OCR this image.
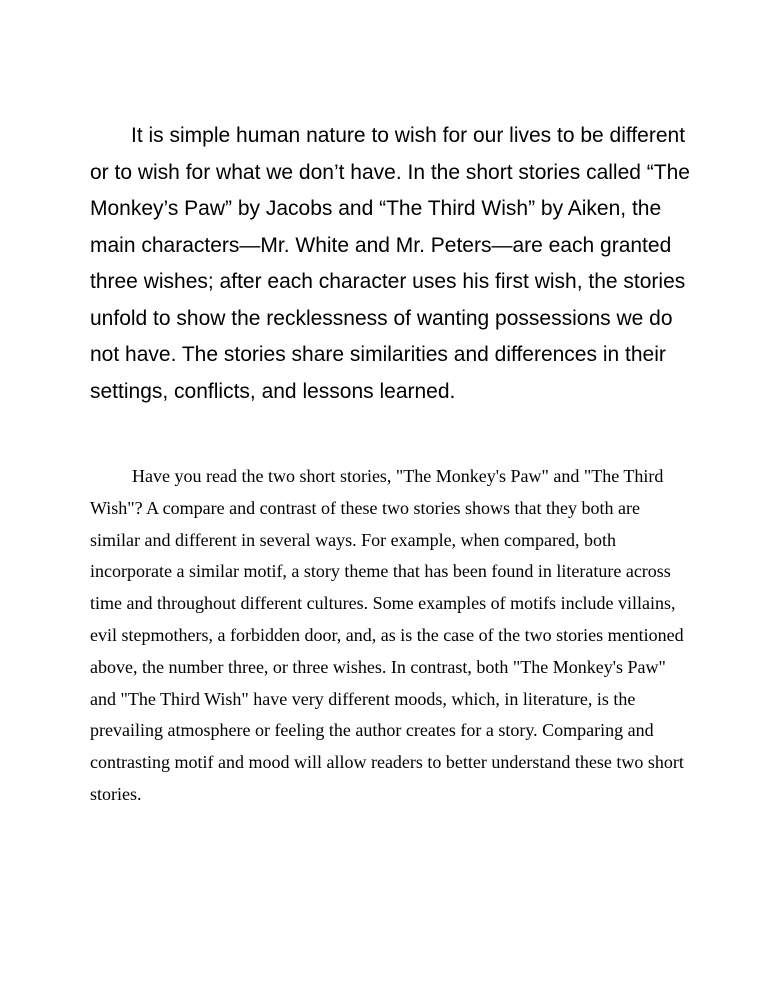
It is simple human nature to wish for our lives to be different or to wish for what we don’t have. In the short stories called “The Monkey’s Paw” by Jacobs and “The Third Wish” by Aiken, the main characters—Mr. White and Mr. Peters—are each granted three wishes; after each character uses his first wish, the stories unfold to show the recklessness of wanting possessions we do not have. The stories share similarities and differences in their settings, conflicts, and lessons learned.

Have you read the two short stories, "The Monkey's Paw" and "The Third Wish"? A compare and contrast of these two stories shows that they both are similar and different in several ways. For example, when compared, both incorporate a similar motif, a story theme that has been found in literature across time and throughout different cultures. Some examples of motifs include villains, evil stepmothers, a forbidden door, and, as is the case of the two stories mentioned above, the number three, or three wishes. In contrast, both "The Monkey's Paw" and "The Third Wish" have very different moods, which, in literature, is the prevailing atmosphere or feeling the author creates for a story. Comparing and contrasting motif and mood will allow readers to better understand these two short stories.
